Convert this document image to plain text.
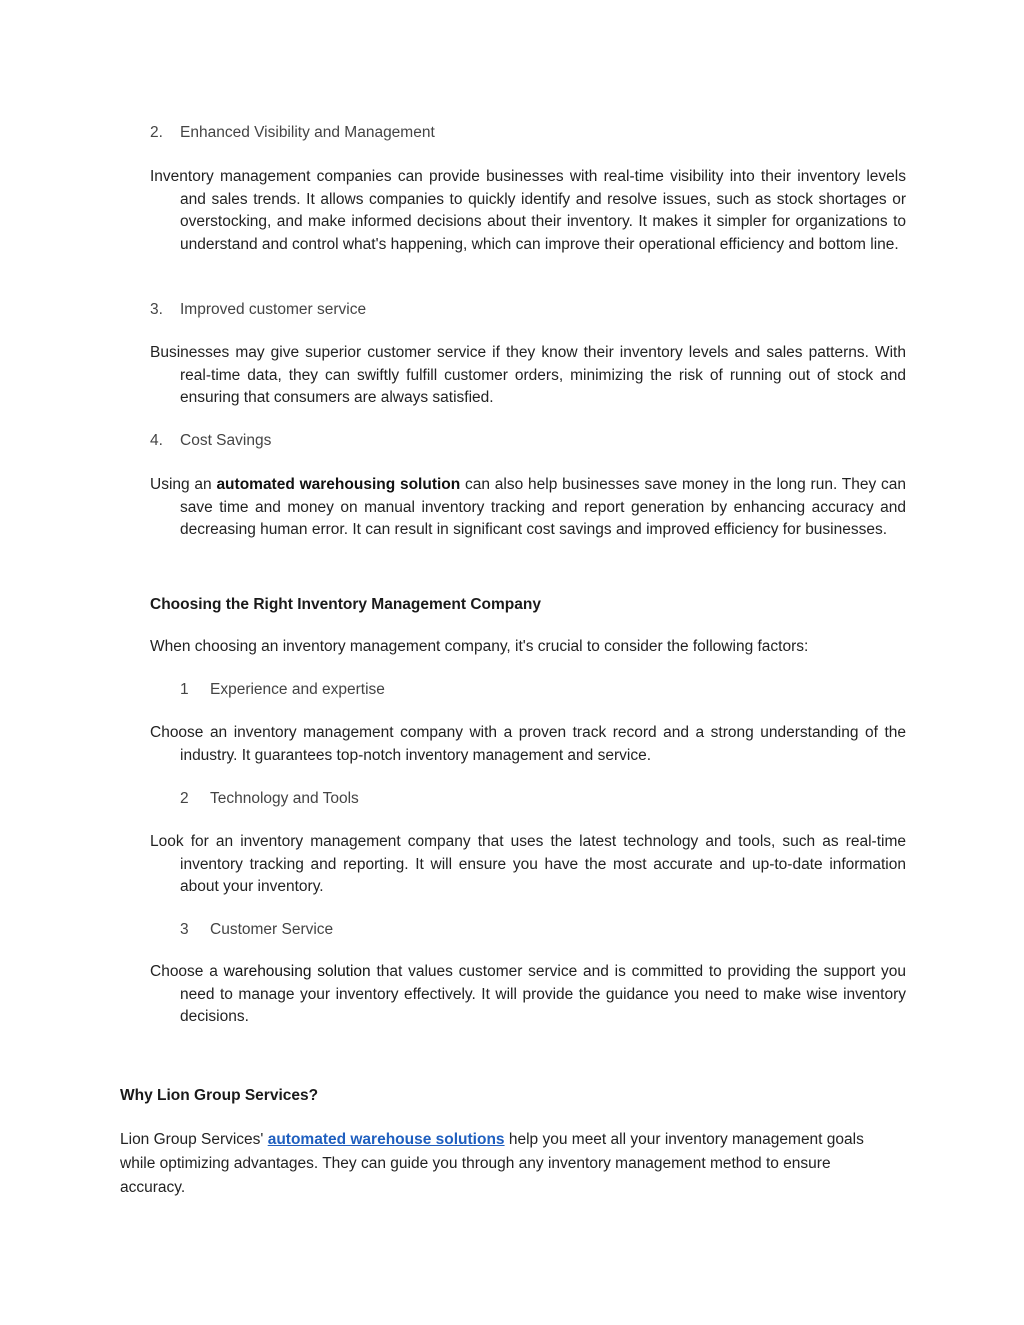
2. Enhanced Visibility and Management

Inventory management companies can provide businesses with real-time visibility into their inventory levels and sales trends. It allows companies to quickly identify and resolve issues, such as stock shortages or overstocking, and make informed decisions about their inventory. It makes it simpler for organizations to understand and control what's happening, which can improve their operational efficiency and bottom line.

3. Improved customer service

Businesses may give superior customer service if they know their inventory levels and sales patterns. With real-time data, they can swiftly fulfill customer orders, minimizing the risk of running out of stock and ensuring that consumers are always satisfied.

4. Cost Savings

Using an automated warehousing solution can also help businesses save money in the long run. They can save time and money on manual inventory tracking and report generation by enhancing accuracy and decreasing human error. It can result in significant cost savings and improved efficiency for businesses.

Choosing the Right Inventory Management Company
When choosing an inventory management company, it's crucial to consider the following factors:
1 Experience and expertise

Choose an inventory management company with a proven track record and a strong understanding of the industry. It guarantees top-notch inventory management and service.

2 Technology and Tools

Look for an inventory management company that uses the latest technology and tools, such as real-time inventory tracking and reporting. It will ensure you have the most accurate and up-to-date information about your inventory.

3 Customer Service

Choose a warehousing solution that values customer service and is committed to providing the support you need to manage your inventory effectively. It will provide the guidance you need to make wise inventory decisions.

Why Lion Group Services?

Lion Group Services' automated warehouse solutions help you meet all your inventory management goals while optimizing advantages. They can guide you through any inventory management method to ensure accuracy.
